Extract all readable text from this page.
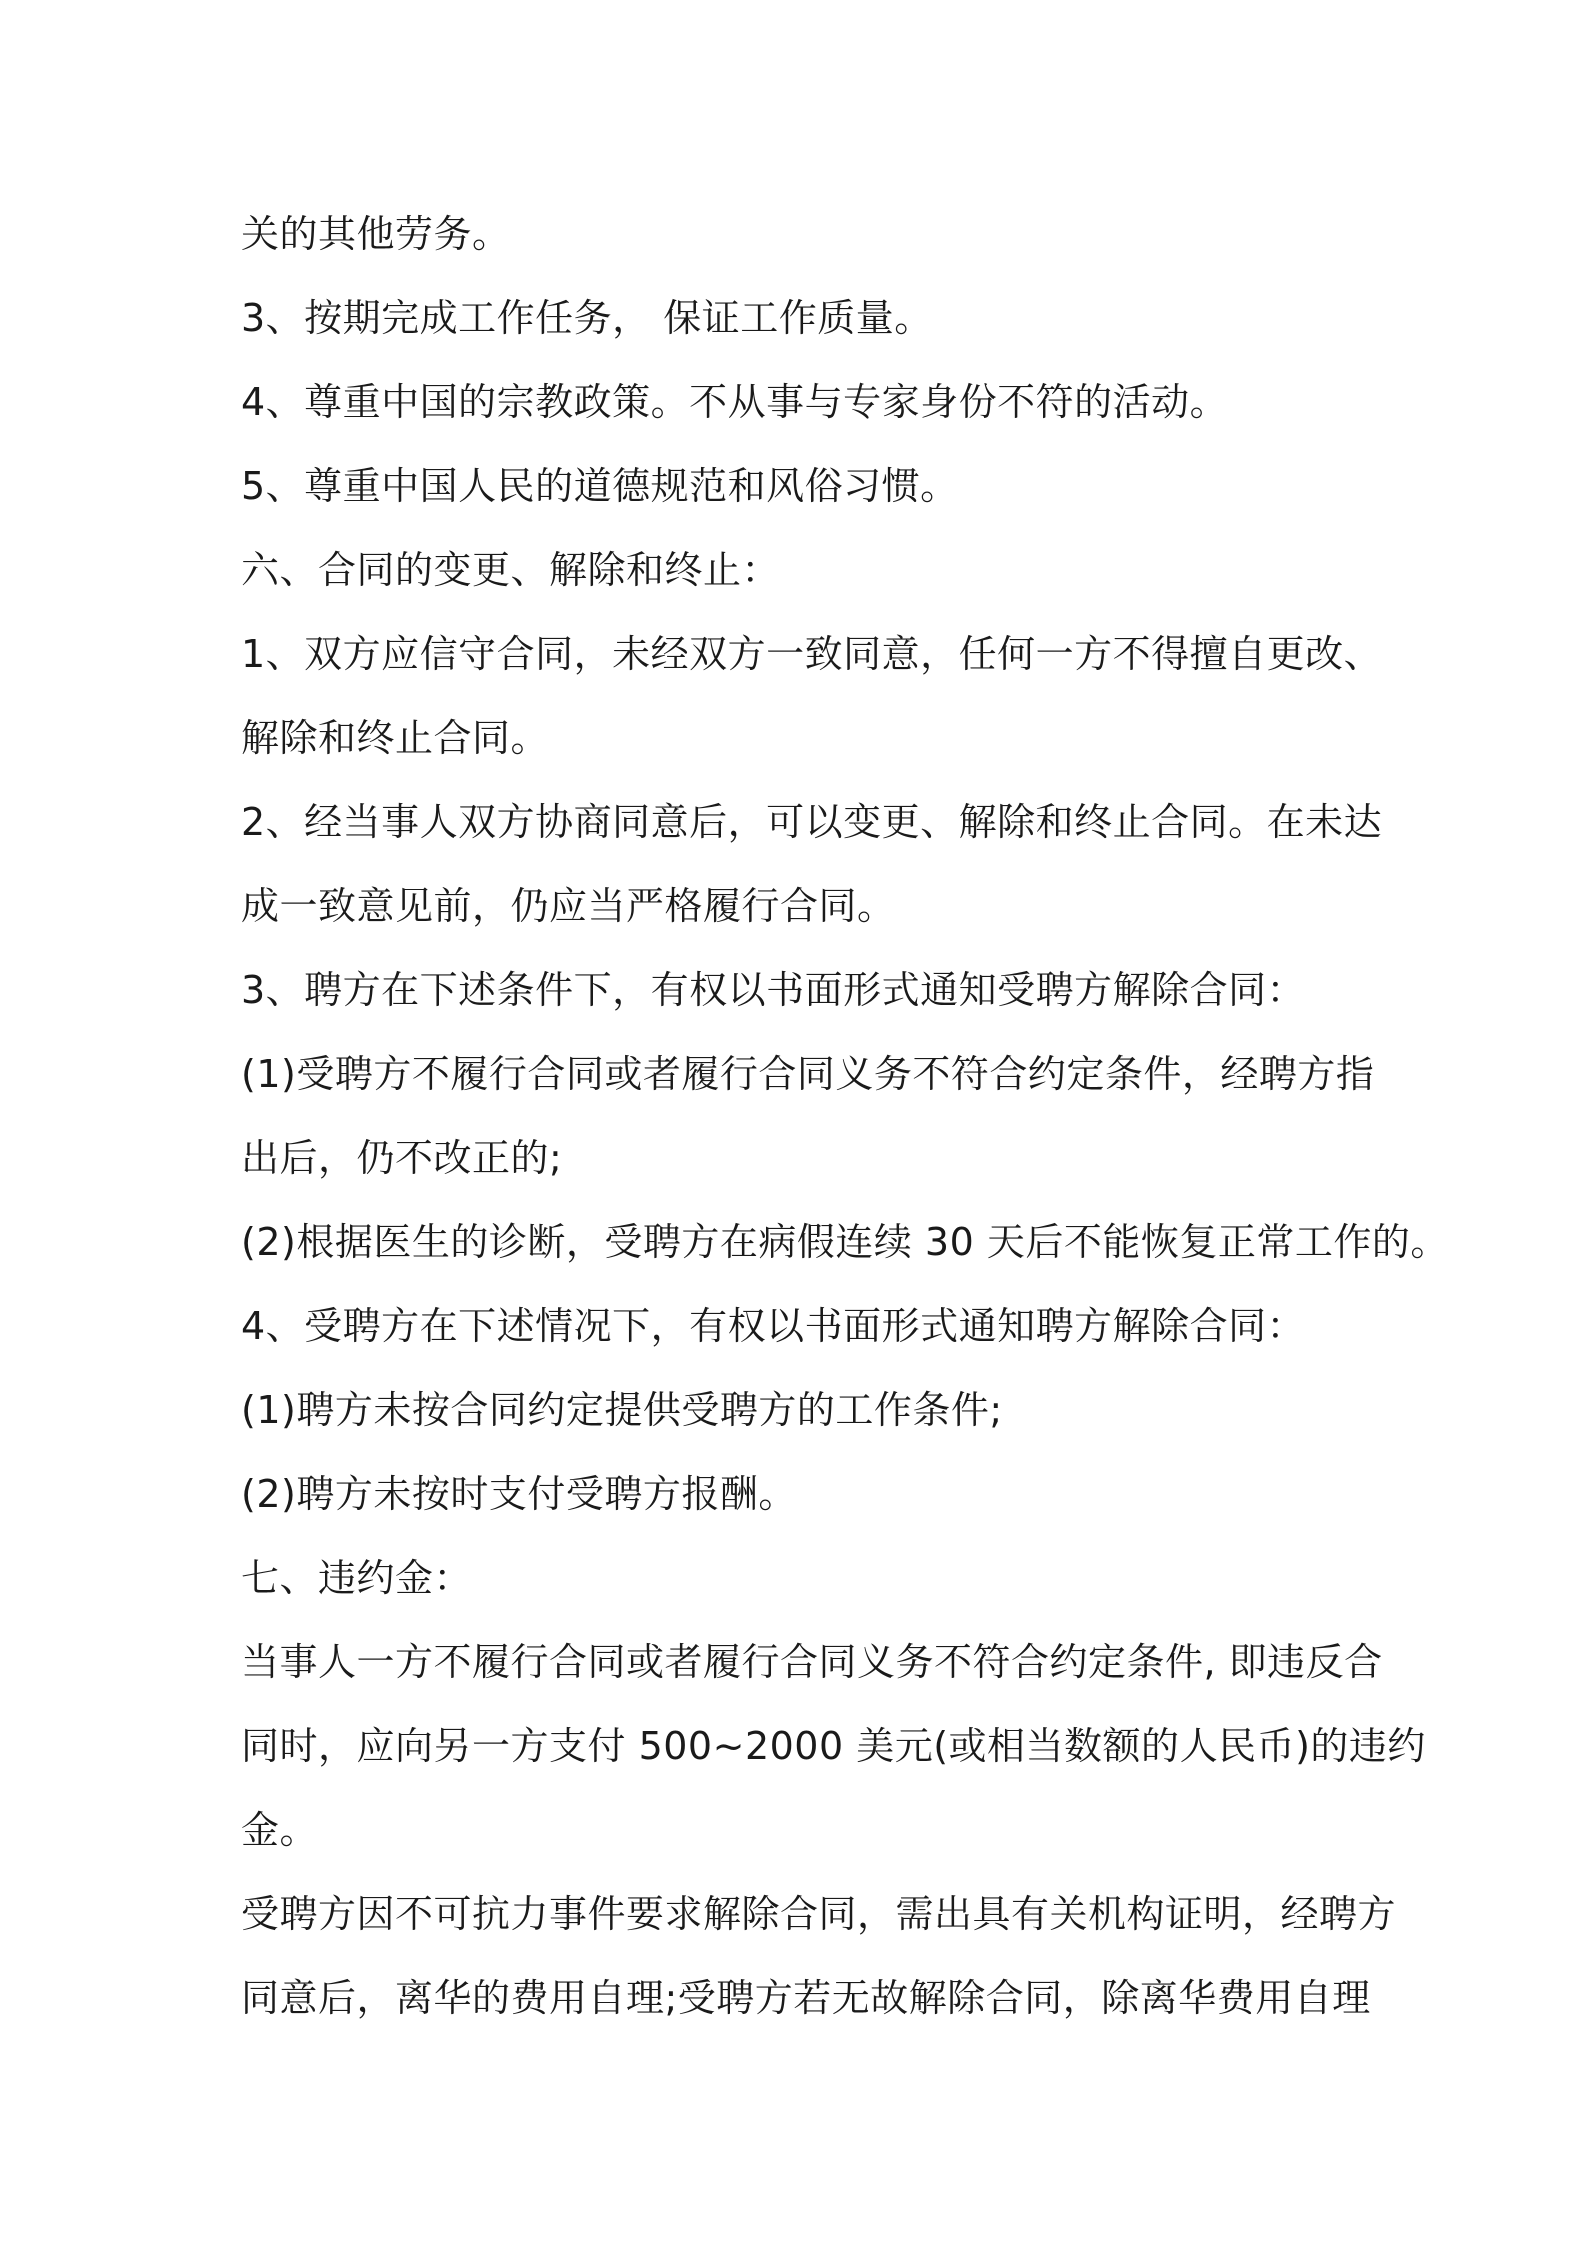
关的其他劳务。
3、按期完成工作任务， 保证工作质量。
4、尊重中国的宗教政策。不从事与专家身份不符的活动。
5、尊重中国人民的道德规范和风俗习惯。
六、合同的变更、解除和终止：
1、双方应信守合同，未经双方一致同意，任何一方不得擅自更改、
解除和终止合同。
2、经当事人双方协商同意后，可以变更、解除和终止合同。在未达
成一致意见前，仍应当严格履行合同。
3、聘方在下述条件下，有权以书面形式通知受聘方解除合同：
(1)受聘方不履行合同或者履行合同义务不符合约定条件，经聘方指
出后，仍不改正的;
(2)根据医生的诊断，受聘方在病假连续 30 天后不能恢复正常工作的。
4、受聘方在下述情况下，有权以书面形式通知聘方解除合同：
(1)聘方未按合同约定提供受聘方的工作条件;
(2)聘方未按时支付受聘方报酬。
七、违约金：
当事人一方不履行合同或者履行合同义务不符合约定条件, 即违反合
同时，应向另一方支付 500~2000 美元(或相当数额的人民币)的违约
金。
受聘方因不可抗力事件要求解除合同，需出具有关机构证明，经聘方
同意后，离华的费用自理;受聘方若无故解除合同，除离华费用自理
